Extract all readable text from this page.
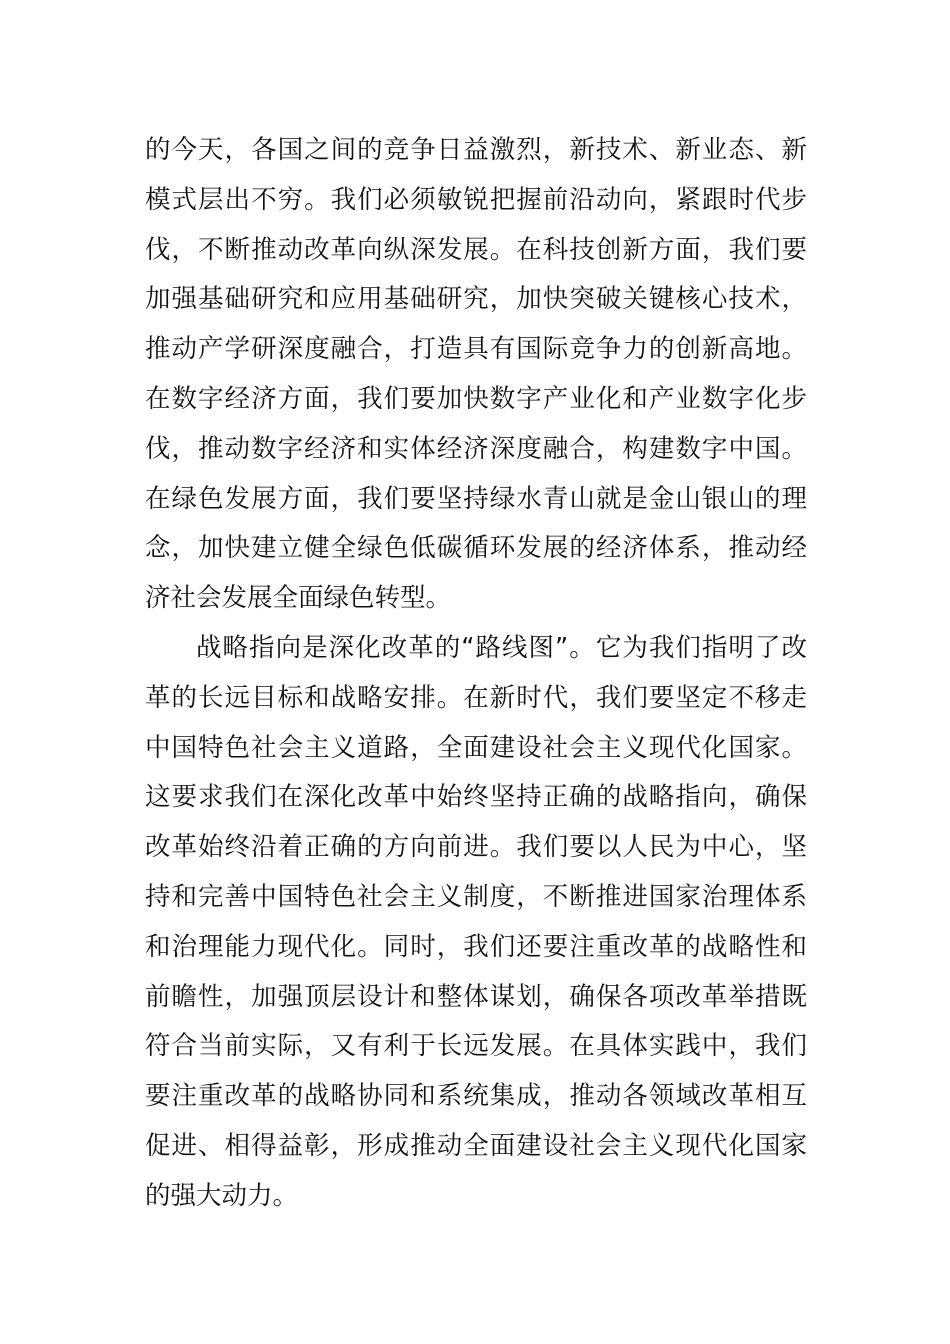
的今天，各国之间的竞争日益激烈，新技术、新业态、新模式层出不穷。我们必须敏锐把握前沿动向，紧跟时代步伐，不断推动改革向纵深发展。在科技创新方面，我们要加强基础研究和应用基础研究，加快突破关键核心技术，推动产学研深度融合，打造具有国际竞争力的创新高地。在数字经济方面，我们要加快数字产业化和产业数字化步伐，推动数字经济和实体经济深度融合，构建数字中国。在绿色发展方面，我们要坚持绿水青山就是金山银山的理念，加快建立健全绿色低碳循环发展的经济体系，推动经济社会发展全面绿色转型。

战略指向是深化改革的“路线图”。它为我们指明了改革的长远目标和战略安排。在新时代，我们要坚定不移走中国特色社会主义道路，全面建设社会主义现代化国家。这要求我们在深化改革中始终坚持正确的战略指向，确保改革始终沿着正确的方向前进。我们要以人民为中心，坚持和完善中国特色社会主义制度，不断推进国家治理体系和治理能力现代化。同时，我们还要注重改革的战略性和前瞻性，加强顶层设计和整体谋划，确保各项改革举措既符合当前实际，又有利于长远发展。在具体实践中，我们要注重改革的战略协同和系统集成，推动各领域改革相互促进、相得益彰，形成推动全面建设社会主义现代化国家的强大动力。
